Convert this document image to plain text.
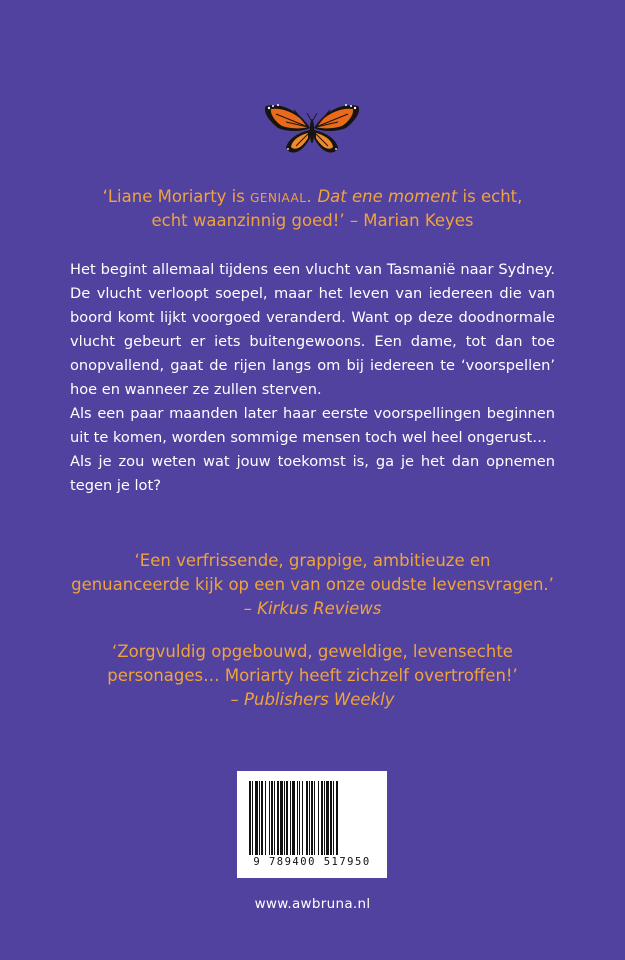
‘Liane Moriarty is geniaal. Dat ene moment is echt,
echt waanzinnig goed!’ – Marian Keyes

Het begint allemaal tijdens een vlucht van Tasmanië naar Sydney. De vlucht verloopt soepel, maar het leven van iedereen die van boord komt lijkt voorgoed veranderd. Want op deze doodnormale vlucht gebeurt er iets buitengewoons. Een dame, tot dan toe onopvallend, gaat de rijen langs om bij iedereen te ‘voorspellen’ hoe en wanneer ze zullen sterven.

Als een paar maanden later haar eerste voorspellingen beginnen uit te komen, worden sommige mensen toch wel heel ongerust…

Als je zou weten wat jouw toekomst is, ga je het dan opnemen tegen je lot?

‘Een verfrissende, grappige, ambitieuze en
genuanceerde kijk op een van onze oudste levensvragen.’
– Kirkus Reviews
‘Zorgvuldig opgebouwd, geweldige, levensechte
personages… Moriarty heeft zichzelf overtroffen!’
– Publishers Weekly
9 789400 517950
www.awbruna.nl
